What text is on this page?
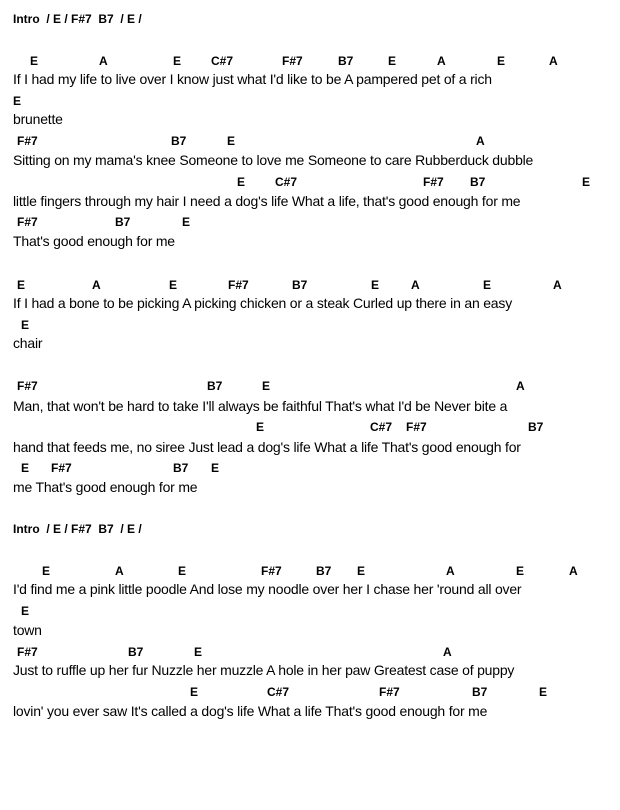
Intro  / E / F#7  B7  / E /

E

	A

	E

C#7

	F#7

	B7

	E

	A

	E

	A

If I had my life to live over I know just what I'd like to be A pampered pet of a rich

E

brunette

F#7

	B7

	E

	A

Sitting on my mama's knee Someone to love me Someone to care Rubberduck dubble

E

C#7

	F#7

B7

	E

little fingers through my hair I need a dog's life What a life, that's good enough for me

F#7

	B7

	E

That's good enough for me

E

	A

	E

	F#7

	B7

	E

	A

	E

	A

If I had a bone to be picking A picking chicken or a steak Curled up there in an easy

E

chair

F#7

	B7

	E

	A

Man, that won't be hard to take I'll always be faithful That's what I'd be Never bite a

E

	C#7

F#7

	B7

hand that feeds me, no siree Just lead a dog's life What a life That's good enough for

E

F#7

	B7

E

me That's good enough for me

Intro  / E / F#7  B7  / E /

E

	A

	E

	F#7

	B7

E

	A

	E

	A

I'd find me a pink little poodle And lose my noodle over her I chase her 'round all over

E

town

F#7

	B7

	E

	A

Just to ruffle up her fur Nuzzle her muzzle A hole in her paw Greatest case of puppy

E

	C#7

	F#7

	B7

	E

lovin' you ever saw It's called a dog's life What a life That's good enough for me
